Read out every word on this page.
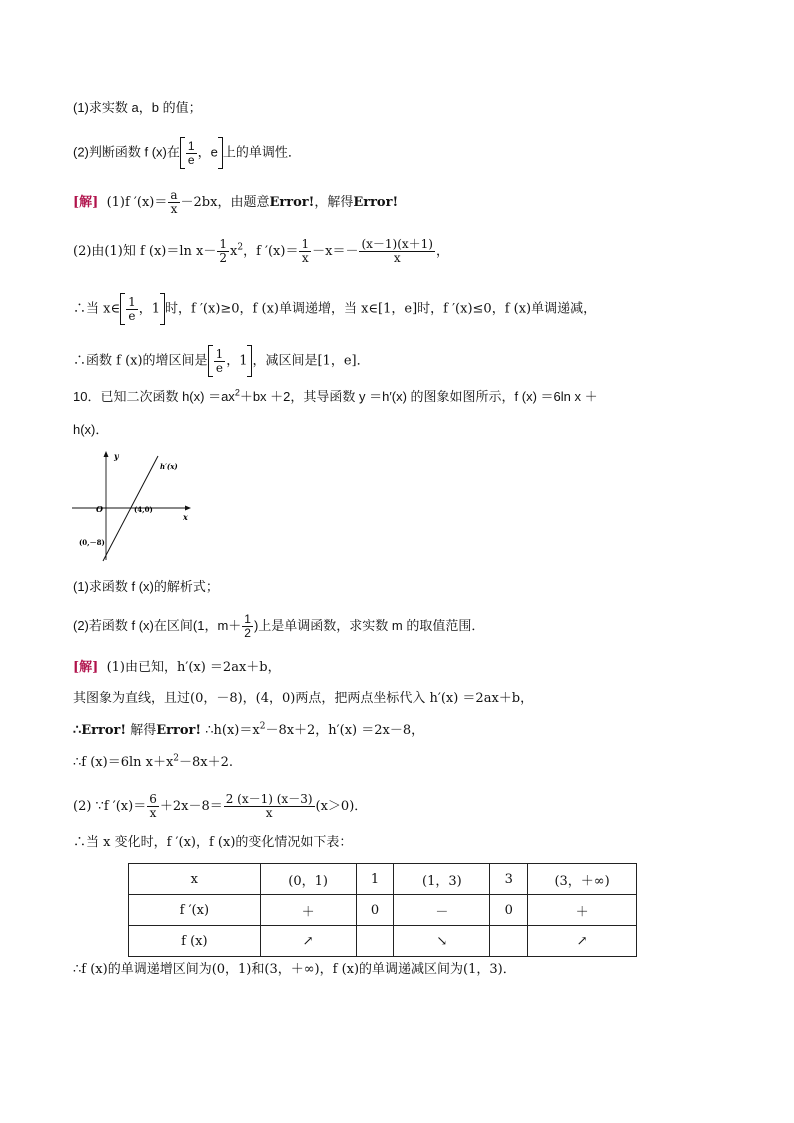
(1)求实数 a，b 的值；
(2)判断函数 f (x)在 $\frac{1}{e}$ ，e 上的单调性．
[解] (1)f $'(x)= \frac{a}{x} -2bx$，由题意Error!，解得Error!
(2)由(1)知 f (x)＝ln $x- \frac{1}{2} x^2$，f $'(x)= \frac{1}{x} -x=- \frac{(x-1)(x+1)}{x}$ ，
∴当 x∈ $\frac{1}{e}$ ，1 时，f ′(x)≥0，f (x)单调递增，当 x∈[1，e]时，f ′(x)≤0，f (x)单调递减，
∴函数 f (x)的增区间是 $\frac{1}{e}$ ，1 ，减区间是[1，e]．
10．已知二次函数 $h(x) =ax^2+bx +2$，其导函数 y ＝h′(x) 的图象如图所示，f (x) ＝6ln x ＋
h(x)．
y
x
O
h′(x)
(4,0)
(0,－8)
(1)求函数 f (x)的解析式；
(2)若函数 f (x)在区间(1，$m+ \frac{1}{2}$ )上是单调函数，求实数 m 的取值范围．
[解] (1)由已知，h′(x) ＝2ax＋b，
其图象为直线，且过(0，－8)，(4，0)两点，把两点坐标代入 h′(x) ＝2ax＋b，
∴Error! 解得Error! $\therefore h(x)=x^2-8x+2$，h′(x) ＝2x－8，
∴f (x)＝6ln $x+x^2-8x+2$.
(2) ∵f $'(x)= \frac{6}{x} +2x-8= \frac{2 (x-1) (x-3)}{x} (x>0)$．
∴当 x 变化时，f ′(x)，f (x)的变化情况如下表：
x	(0，1)	1	(1，3)	3	(3，＋∞)
f ′(x)	＋	0	－	0	＋
f (x)	↗		↘		↗
∴f (x)的单调递增区间为(0，1)和(3，＋∞)，f (x)的单调递减区间为(1，3)．
